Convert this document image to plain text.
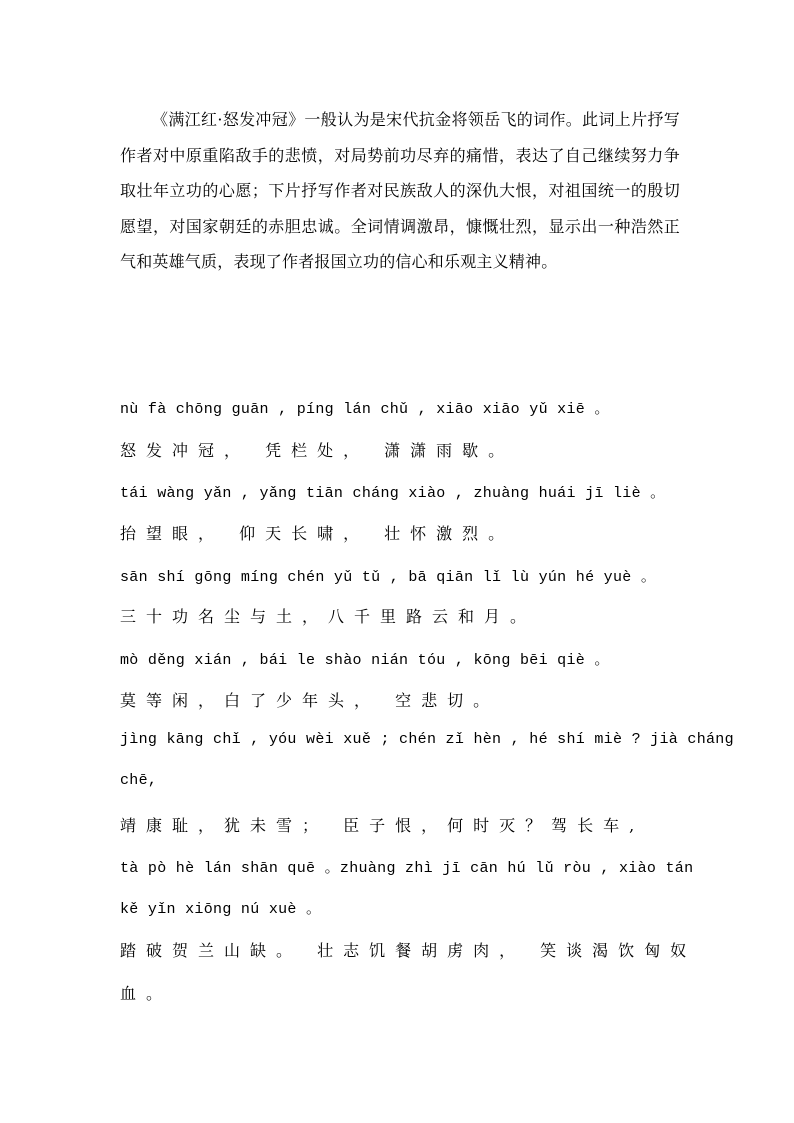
《满江红·怒发冲冠》一般认为是宋代抗金将领岳飞的词作。此词上片抒写作者对中原重陷敌手的悲愤，对局势前功尽弃的痛惜，表达了自己继续努力争取壮年立功的心愿；下片抒写作者对民族敌人的深仇大恨，对祖国统一的殷切愿望，对国家朝廷的赤胆忠诚。全词情调激昂，慷慨壮烈，显示出一种浩然正气和英雄气质，表现了作者报国立功的信心和乐观主义精神。

nù fà chōng guān , píng lán chǔ , xiāo xiāo yǔ xiē 。

怒发冲冠， 凭栏处， 潇潇雨歇。

tái wàng yǎn , yǎng tiān cháng xiào , zhuàng huái jī liè 。

抬望眼， 仰天长啸， 壮怀激烈。

sān shí gōng míng chén yǔ tǔ , bā qiān lǐ lù yún hé yuè 。

三十功名尘与土，八千里路云和月。

mò děng xián , bái le shào nián tóu , kōng bēi qiè 。

莫等闲，白了少年头， 空悲切。

jìng kāng chǐ , yóu wèi xuě ; chén zǐ hèn , hé shí miè ? jià cháng

chē,

靖康耻，犹未雪； 臣子恨，何时灭？驾长车,

tà pò hè lán shān quē 。zhuàng zhì jī cān hú lǔ ròu , xiào tán

kě yǐn xiōng nú xuè 。

踏破贺兰山缺。 壮志饥餐胡虏肉， 笑谈渴饮匈奴

血。
